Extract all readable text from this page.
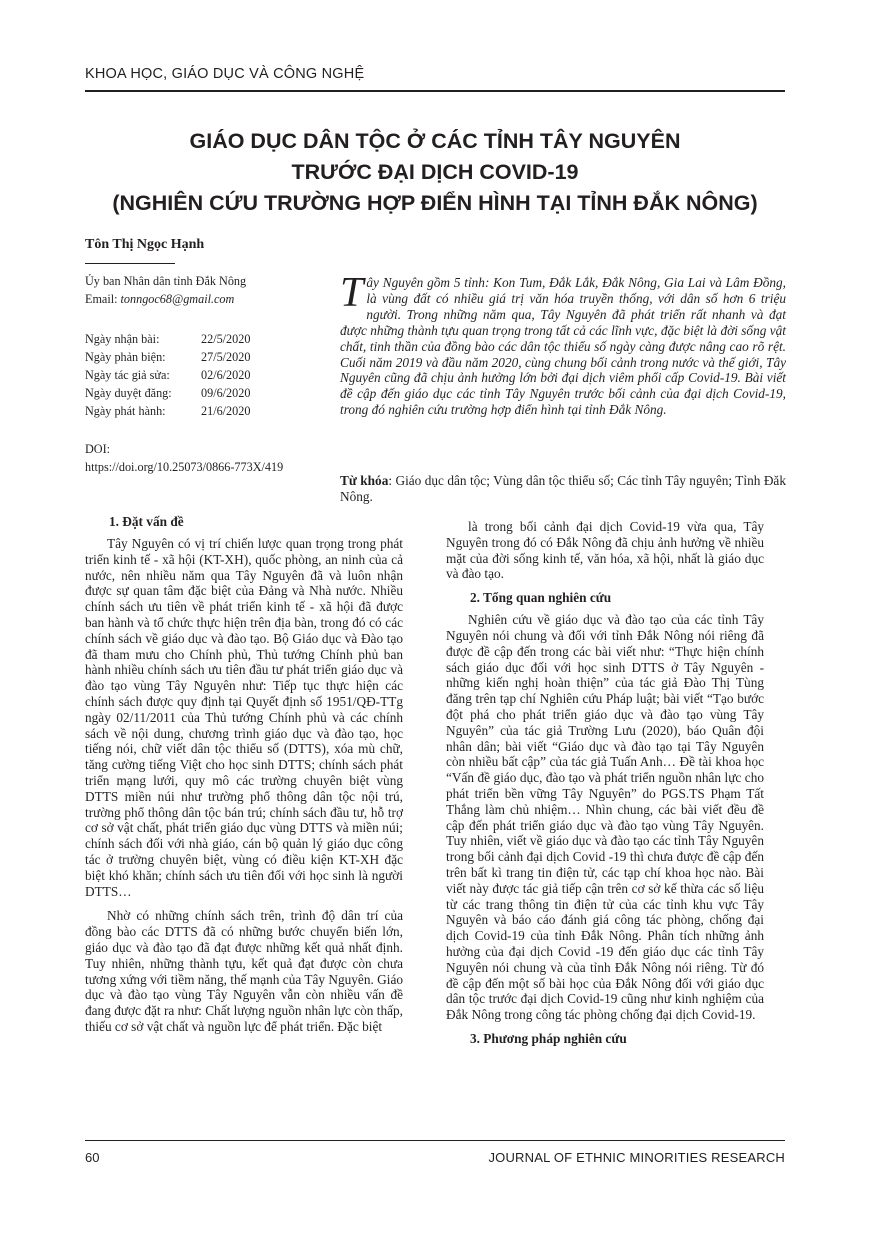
KHOA HỌC, GIÁO DỤC VÀ CÔNG NGHỆ
GIÁO DỤC DÂN TỘC Ở CÁC TỈNH TÂY NGUYÊN
TRƯỚC ĐẠI DỊCH COVID-19
(NGHIÊN CỨU TRƯỜNG HỢP ĐIỂN HÌNH TẠI TỈNH ĐẮK NÔNG)
Tôn Thị Ngọc Hạnh
Ủy ban Nhân dân tỉnh Đắk Nông
Email: tonngoc68@gmail.com
Ngày nhận bài:	22/5/2020
Ngày phản biện:	27/5/2020
Ngày tác giả sửa:	02/6/2020
Ngày duyệt đăng: 09/6/2020
Ngày phát hành:	21/6/2020
DOI:
https://doi.org/10.25073/0866-773X/419
Tây Nguyên gồm 5 tỉnh: Kon Tum, Đắk Lắk, Đắk Nông, Gia Lai và Lâm Đồng, là vùng đất có nhiều giá trị văn hóa truyền thống, với dân số hơn 6 triệu người. Trong những năm qua, Tây Nguyên đã phát triển rất nhanh và đạt được những thành tựu quan trọng trong tất cả các lĩnh vực, đặc biệt là đời sống vật chất, tinh thần của đồng bào các dân tộc thiểu số ngày càng được nâng cao rõ rệt. Cuối năm 2019 và đầu năm 2020, cùng chung bối cảnh trong nước và thế giới, Tây Nguyên cũng đã chịu ảnh hưởng lớn bởi đại dịch viêm phổi cấp Covid-19. Bài viết đề cập đến giáo dục các tỉnh Tây Nguyên trước bối cảnh của đại dịch Covid-19, trong đó nghiên cứu trường hợp điển hình tại tỉnh Đắk Nông.
Từ khóa: Giáo dục dân tộc; Vùng dân tộc thiểu số; Các tỉnh Tây nguyên; Tỉnh Đăk Nông.
1. Đặt vấn đề

Tây Nguyên có vị trí chiến lược quan trọng trong phát triển kinh tế - xã hội (KT-XH), quốc phòng, an ninh của cả nước, nên nhiều năm qua Tây Nguyên đã và luôn nhận được sự quan tâm đặc biệt của Đảng và Nhà nước. Nhiều chính sách ưu tiên về phát triển kinh tế - xã hội đã được ban hành và tổ chức thực hiện trên địa bàn, trong đó có các chính sách về giáo dục và đào tạo. Bộ Giáo dục và Đào tạo đã tham mưu cho Chính phủ, Thủ tướng Chính phủ ban hành nhiều chính sách ưu tiên đầu tư phát triển giáo dục và đào tạo vùng Tây Nguyên như: Tiếp tục thực hiện các chính sách được quy định tại Quyết định số 1951/QĐ-TTg ngày 02/11/2011 của Thủ tướng Chính phủ và các chính sách về nội dung, chương trình giáo dục và đào tạo, học tiếng nói, chữ viết dân tộc thiểu số (DTTS), xóa mù chữ, tăng cường tiếng Việt cho học sinh DTTS; chính sách phát triển mạng lưới, quy mô các trường chuyên biệt vùng DTTS miền núi như trường phổ thông dân tộc nội trú, trường phổ thông dân tộc bán trú; chính sách đầu tư, hỗ trợ cơ sở vật chất, phát triển giáo dục vùng DTTS và miền núi; chính sách đối với nhà giáo, cán bộ quản lý giáo dục công tác ở trường chuyên biệt, vùng có điều kiện KT-XH đặc biệt khó khăn; chính sách ưu tiên đối với học sinh là người DTTS…

Nhờ có những chính sách trên, trình độ dân trí của đồng bào các DTTS đã có những bước chuyển biến lớn, giáo dục và đào tạo đã đạt được những kết quả nhất định. Tuy nhiên, những thành tựu, kết quả đạt được còn chưa tương xứng với tiềm năng, thế mạnh của Tây Nguyên. Giáo dục và đào tạo vùng Tây Nguyên vẫn còn nhiều vấn đề đang được đặt ra như: Chất lượng nguồn nhân lực còn thấp, thiếu cơ sở vật chất và nguồn lực để phát triển. Đặc biệt

là trong bối cảnh đại dịch Covid-19 vừa qua, Tây Nguyên trong đó có Đắk Nông đã chịu ảnh hưởng về nhiều mặt của đời sống kinh tế, văn hóa, xã hội, nhất là giáo dục và đào tạo.

2. Tổng quan nghiên cứu

Nghiên cứu về giáo dục và đào tạo của các tỉnh Tây Nguyên nói chung và đối với tỉnh Đắk Nông nói riêng đã được đề cập đến trong các bài viết như: “Thực hiện chính sách giáo dục đối với học sinh DTTS ở Tây Nguyên - những kiến nghị hoàn thiện” của tác giả Đào Thị Tùng đăng trên tạp chí Nghiên cứu Pháp luật; bài viết “Tạo bước đột phá cho phát triển giáo dục và đào tạo vùng Tây Nguyên” của tác giả Trường Lưu (2020), báo Quân đội nhân dân; bài viết “Giáo dục và đào tạo tại Tây Nguyên còn nhiều bất cập” của tác giả Tuấn Anh… Đề tài khoa học “Vấn đề giáo dục, đào tạo và phát triển nguồn nhân lực cho phát triển bền vững Tây Nguyên” do PGS.TS Phạm Tất Thắng làm chủ nhiệm… Nhìn chung, các bài viết đều đề cập đến phát triển giáo dục và đào tạo vùng Tây Nguyên. Tuy nhiên, viết về giáo dục và đào tạo các tỉnh Tây Nguyên trong bối cảnh đại dịch Covid -19 thì chưa được đề cập đến trên bất kì trang tin điện tử, các tạp chí khoa học nào. Bài viết này được tác giả tiếp cận trên cơ sở kế thừa các số liệu từ các trang thông tin điện tử của các tỉnh khu vực Tây Nguyên và báo cáo đánh giá công tác phòng, chống đại dịch Covid-19 của tỉnh Đắk Nông. Phân tích những ảnh hưởng của đại dịch Covid -19 đến giáo dục các tỉnh Tây Nguyên nói chung và của tỉnh Đắk Nông nói riêng. Từ đó đề cập đến một số bài học của Đắk Nông đối với giáo dục dân tộc trước đại dịch Covid-19 cũng như kinh nghiệm của Đắk Nông trong công tác phòng chống đại dịch Covid-19.

3. Phương pháp nghiên cứu
60	JOURNAL OF ETHNIC MINORITIES RESEARCH
